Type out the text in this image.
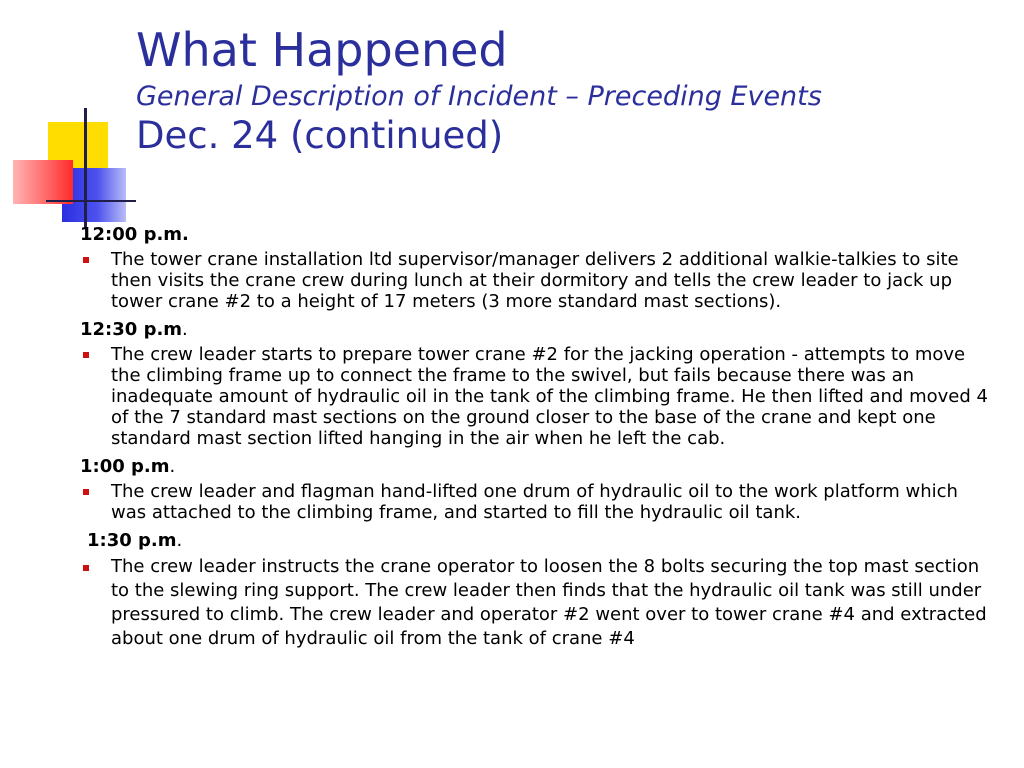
What Happened
General Description of Incident – Preceding Events
Dec. 24 (continued)
12:00 p.m.
The tower crane installation ltd supervisor/manager delivers 2 additional walkie-talkies to site then visits the crane crew during lunch at their dormitory and tells the crew leader to jack up tower crane #2 to a height of 17 meters (3 more standard mast sections).
12:30 p.m.
The crew leader starts to prepare tower crane #2 for the jacking operation - attempts to move the climbing frame up to connect the frame to the swivel, but fails because there was an inadequate amount of hydraulic oil in the tank of the climbing frame. He then lifted and moved 4 of the 7 standard mast sections on the ground closer to the base of the crane and kept one standard mast section lifted hanging in the air when he left the cab.
1:00 p.m.
The crew leader and flagman hand-lifted one drum of hydraulic oil to the work platform which was attached to the climbing frame, and started to fill the hydraulic oil tank.
1:30 p.m.
The crew leader instructs the crane operator to loosen the 8 bolts securing the top mast section to the slewing ring support. The crew leader then finds that the hydraulic oil tank was still under pressured to climb. The crew leader and operator #2 went over to tower crane #4 and extracted about one drum of hydraulic oil from the tank of crane #4
